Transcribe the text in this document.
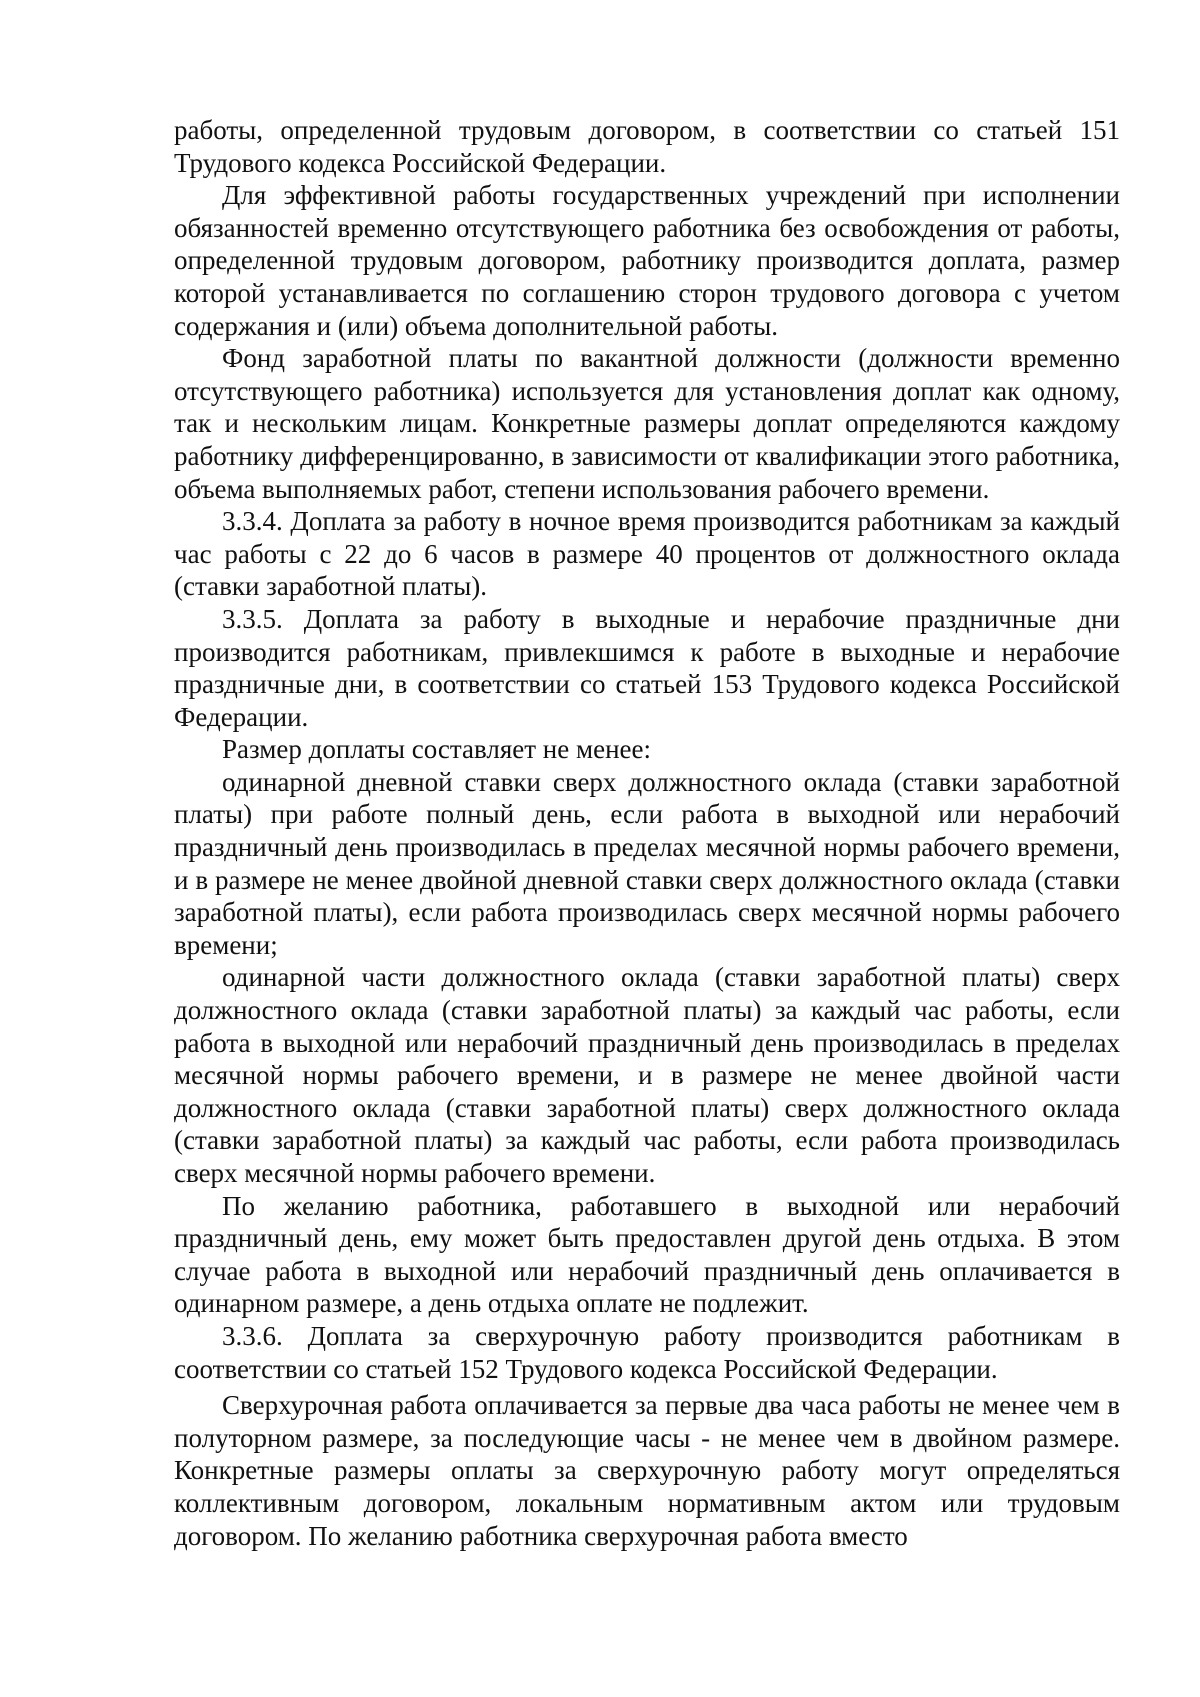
работы, определенной трудовым договором, в соответствии со статьей 151 Трудового кодекса Российской Федерации.

Для эффективной работы государственных учреждений при исполнении обязанностей временно отсутствующего работника без освобождения от работы, определенной трудовым договором, работнику производится доплата, размер которой устанавливается по соглашению сторон трудового договора с учетом содержания и (или) объема дополнительной работы.

Фонд заработной платы по вакантной должности (должности временно отсутствующего работника) используется для установления доплат как одному, так и нескольким лицам. Конкретные размеры доплат определяются каждому работнику дифференцированно, в зависимости от квалификации этого работника, объема выполняемых работ, степени использования рабочего времени.

3.3.4. Доплата за работу в ночное время производится работникам за каждый час работы с 22 до 6 часов в размере 40 процентов от должностного оклада (ставки заработной платы).

3.3.5. Доплата за работу в выходные и нерабочие праздничные дни производится работникам, привлекшимся к работе в выходные и нерабочие праздничные дни, в соответствии со статьей 153 Трудового кодекса Российской Федерации.

Размер доплаты составляет не менее:

одинарной дневной ставки сверх должностного оклада (ставки заработной платы) при работе полный день, если работа в выходной или нерабочий праздничный день производилась в пределах месячной нормы рабочего времени, и в размере не менее двойной дневной ставки сверх должностного оклада (ставки заработной платы), если работа производилась сверх месячной нормы рабочего времени;

одинарной части должностного оклада (ставки заработной платы) сверх должностного оклада (ставки заработной платы) за каждый час работы, если работа в выходной или нерабочий праздничный день производилась в пределах месячной нормы рабочего времени, и в размере не менее двойной части должностного оклада (ставки заработной платы) сверх должностного оклада (ставки заработной платы) за каждый час работы, если работа производилась сверх месячной нормы рабочего времени.

По желанию работника, работавшего в выходной или нерабочий праздничный день, ему может быть предоставлен другой день отдыха. В этом случае работа в выходной или нерабочий праздничный день оплачивается в одинарном размере, а день отдыха оплате не подлежит.

3.3.6. Доплата за сверхурочную работу производится работникам в соответствии со статьей 152 Трудового кодекса Российской Федерации.

Сверхурочная работа оплачивается за первые два часа работы не менее чем в полуторном размере, за последующие часы - не менее чем в двойном размере. Конкретные размеры оплаты за сверхурочную работу могут определяться коллективным договором, локальным нормативным актом или трудовым договором. По желанию работника сверхурочная работа вместо
